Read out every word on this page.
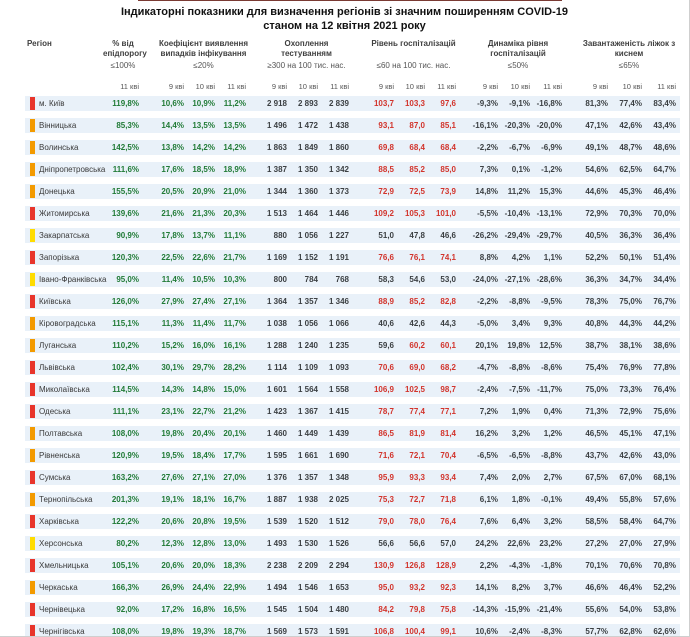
Індикаторні показники для визначення регіонів зі значним поширенням COVID-19
станом на 12 квітня 2021 року
Регіон	% від епідпорогу
Коефіцієнт виявлення випадків інфікування
Охоплення тестуванням
Рівень госпіталізацій	Динаміка рівня госпіталізацій
Завантаженість ліжок з киснем
≤100%	≤20%	≥300 на 100 тис. нас.	≤60 на 100 тис. нас.	≤50%	≤65%
11 кві	9 кві	10 кві	11 кві	9 кві	10 кві	11 кві	9 кві	10 кві	11 кві	9 кві	10 кві	11 кві	9 кві	10 кві	11 кві
м. Київ	119,8%	10,6%	10,9%	11,2%	2 918	2 893	2 839	103,7	103,3	97,6	-9,3%	-9,1% -16,8%	81,3%	77,4%	83,4%
Вінницька	85,3%	14,4%	13,5%	13,5%	1 496	1 472	1 438	93,1	87,0	85,1	-16,1% -20,3% -20,0%	47,1%	42,6%	43,4%
Волинська	142,5%	13,8%	14,2%	14,2%	1 863	1 849	1 860	69,8	68,4	68,4	-2,2%	-6,7%	-6,9%	49,1%	48,7%	48,6%
Дніпропетровська 111,6%	17,6%	18,5%	18,9%	1 387	1 350	1 342	88,5	85,2	85,0	7,3%	0,1%	-1,2%	54,6%	62,5%	64,7%
Донецька	155,5%	20,5%	20,9%	21,0%	1 344	1 360	1 373	72,9	72,5	73,9	14,8%	11,2%	15,3%	44,6%	45,3%	46,4%
Житомирська	139,6%	21,6%	21,3%	20,3%	1 513	1 464	1 446	109,2	105,3	101,0	-5,5% -10,4% -13,1%	72,9%	70,3%	70,0%
Закарпатська	90,9%	17,8%	13,7%	11,1%	880	1 056	1 227	51,0	47,8	46,6	-26,2% -29,4% -29,7%	40,5%	36,3%	36,4%
Запорізька	120,3%	22,5%	22,6%	21,7%	1 169	1 152	1 191	76,6	76,1	74,1	8,8%	4,2%	1,1%	52,2%	50,1%	51,4%
Івано-Франківська	95,0%	11,4%	10,5%	10,3%	800	784	768	58,3	54,6	53,0	-24,0% -27,1% -28,6%	36,3%	34,7%	34,4%
Київська	126,0%	27,9%	27,4%	27,1%	1 364	1 357	1 346	88,9	85,2	82,8	-2,2%	-8,8%	-9,5%	78,3%	75,0%	76,7%
Кіровоградська	115,1%	11,3%	11,4%	11,7%	1 038	1 056	1 066	40,6	42,6	44,3	-5,0%	3,4%	9,3%	40,8%	44,3%	44,2%
Луганська	110,2%	15,2%	16,0%	16,1%	1 288	1 240	1 235	59,6	60,2	60,1	20,1%	19,8%	12,5%	38,7%	38,1%	38,6%
Львівська	102,4%	30,1%	29,7%	28,2%	1 114	1 109	1 093	70,6	69,0	68,2	-4,7%	-8,8%	-8,6%	75,4%	76,9%	77,8%
Миколаївська	114,5%	14,3%	14,8%	15,0%	1 601	1 564	1 558	106,9	102,5	98,7	-2,4%	-7,5% -11,7%	75,0%	73,3%	76,4%
Одеська	111,1%	23,1%	22,7%	21,2%	1 423	1 367	1 415	78,7	77,4	77,1	7,2%	1,9%	0,4%	71,3%	72,9%	75,6%
Полтавська	108,0%	19,8%	20,4%	20,1%	1 460	1 449	1 439	86,5	81,9	81,4	16,2%	3,2%	1,2%	46,5%	45,1%	47,1%
Рівненська	120,9%	19,5%	18,4%	17,7%	1 595	1 661	1 690	71,6	72,1	70,4	-6,5%	-6,5%	-8,8%	43,7%	42,6%	43,0%
Сумська	163,2%	27,6%	27,1%	27,0%	1 376	1 357	1 348	95,9	93,3	93,4	7,4%	2,0%	2,7%	67,5%	67,0%	68,1%
Тернопільська	201,3%	19,1%	18,1%	16,7%	1 887	1 938	2 025	75,3	72,7	71,8	6,1%	1,8%	-0,1%	49,4%	55,8%	57,6%
Харківська	122,2%	20,6%	20,8%	19,5%	1 539	1 520	1 512	79,0	78,0	76,4	7,6%	6,4%	3,2%	58,5%	58,4%	64,7%
Херсонська	80,2%	12,3%	12,8%	13,0%	1 493	1 530	1 526	56,6	56,6	57,0	24,2%	22,6%	23,2%	27,2%	27,0%	27,9%
Хмельницька	105,1%	20,6%	20,0%	18,3%	2 238	2 209	2 294	130,9	126,8	128,9	2,2%	-4,3%	-1,8%	70,1%	70,6%	70,8%
Черкаська	166,3%	26,9%	24,4%	22,9%	1 494	1 546	1 653	95,0	93,2	92,3	14,1%	8,2%	3,7%	46,6%	46,4%	52,2%
Чернівецька	92,0%	17,2%	16,8%	16,5%	1 545	1 504	1 480	84,2	79,8	75,8	-14,3% -15,9% -21,4%	55,6%	54,0%	53,8%
Чернігівська	108,0%	19,8%	19,3%	18,7%	1 569	1 573	1 591	106,8	100,4	99,1	10,6%	-2,4%	-8,3%	57,7%	62,8%	62,6%
